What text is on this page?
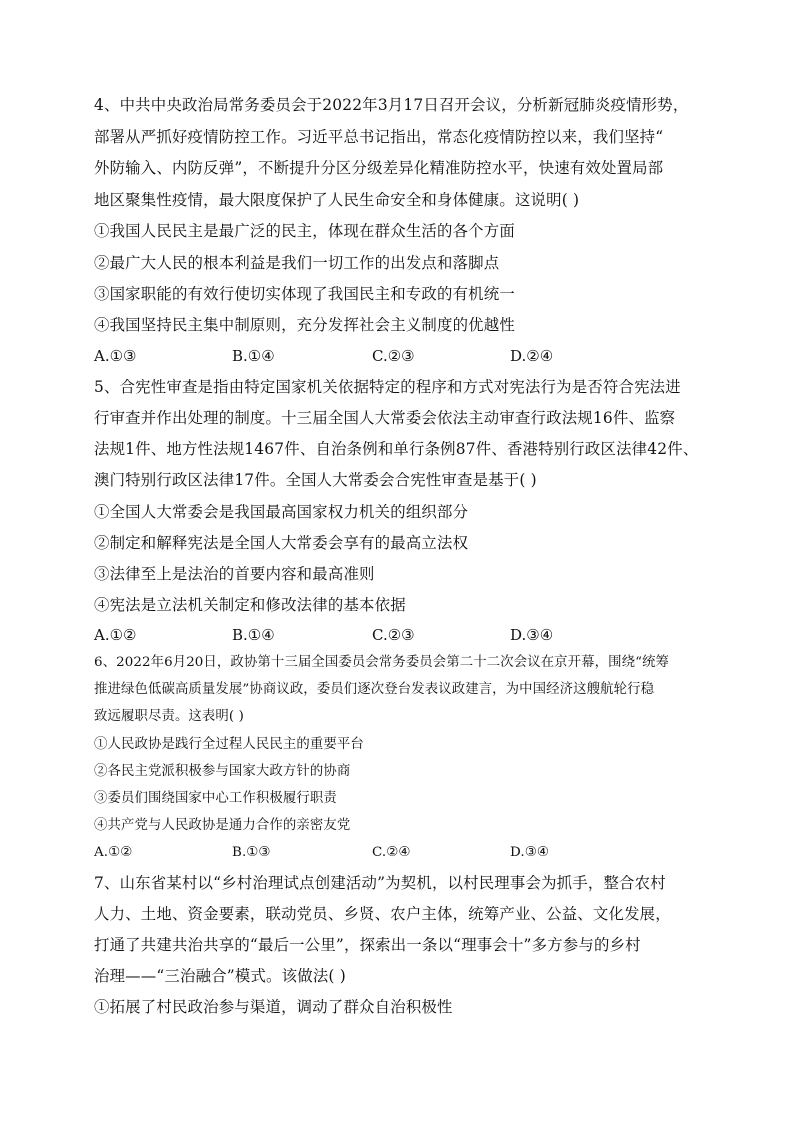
4、中共中央政治局常务委员会于2022年3月17日召开会议，分析新冠肺炎疫情形势，
部署从严抓好疫情防控工作。习近平总书记指出，常态化疫情防控以来，我们坚持“
外防输入、内防反弹”，不断提升分区分级差异化精准防控水平，快速有效处置局部
地区聚集性疫情，最大限度保护了人民生命安全和身体健康。这说明( )
①我国人民民主是最广泛的民主，体现在群众生活的各个方面
②最广大人民的根本利益是我们一切工作的出发点和落脚点
③国家职能的有效行使切实体现了我国民主和专政的有机统一
④我国坚持民主集中制原则，充分发挥社会主义制度的优越性
A.①③	B.①④	C.②③	D.②④
5、合宪性审查是指由特定国家机关依据特定的程序和方式对宪法行为是否符合宪法进
行审查并作出处理的制度。十三届全国人大常委会依法主动审查行政法规16件、监察
法规1件、地方性法规1467件、自治条例和单行条例87件、香港特别行政区法律42件、
澳门特别行政区法律17件。全国人大常委会合宪性审查是基于( )
①全国人大常委会是我国最高国家权力机关的组织部分
②制定和解释宪法是全国人大常委会享有的最高立法权
③法律至上是法治的首要内容和最高准则
④宪法是立法机关制定和修改法律的基本依据
A.①②	B.①④	C.②③	D.③④
6、2022年6月20日，政协第十三届全国委员会常务委员会第二十二次会议在京开幕，围绕“统筹
推进绿色低碳高质量发展”协商议政，委员们逐次登台发表议政建言，为中国经济这艘航轮行稳
致远履职尽责。这表明( )
①人民政协是践行全过程人民民主的重要平台
②各民主党派积极参与国家大政方针的协商
③委员们围绕国家中心工作积极履行职责
④共产党与人民政协是通力合作的亲密友党
A.①②	B.①③	C.②④	D.③④
7、山东省某村以“乡村治理试点创建活动”为契机，以村民理事会为抓手，整合农村
人力、土地、资金要素，联动党员、乡贤、农户主体，统筹产业、公益、文化发展，
打通了共建共治共享的“最后一公里”，探索出一条以“理事会十”多方参与的乡村
治理——“三治融合”模式。该做法( )
①拓展了村民政治参与渠道，调动了群众自治积极性
